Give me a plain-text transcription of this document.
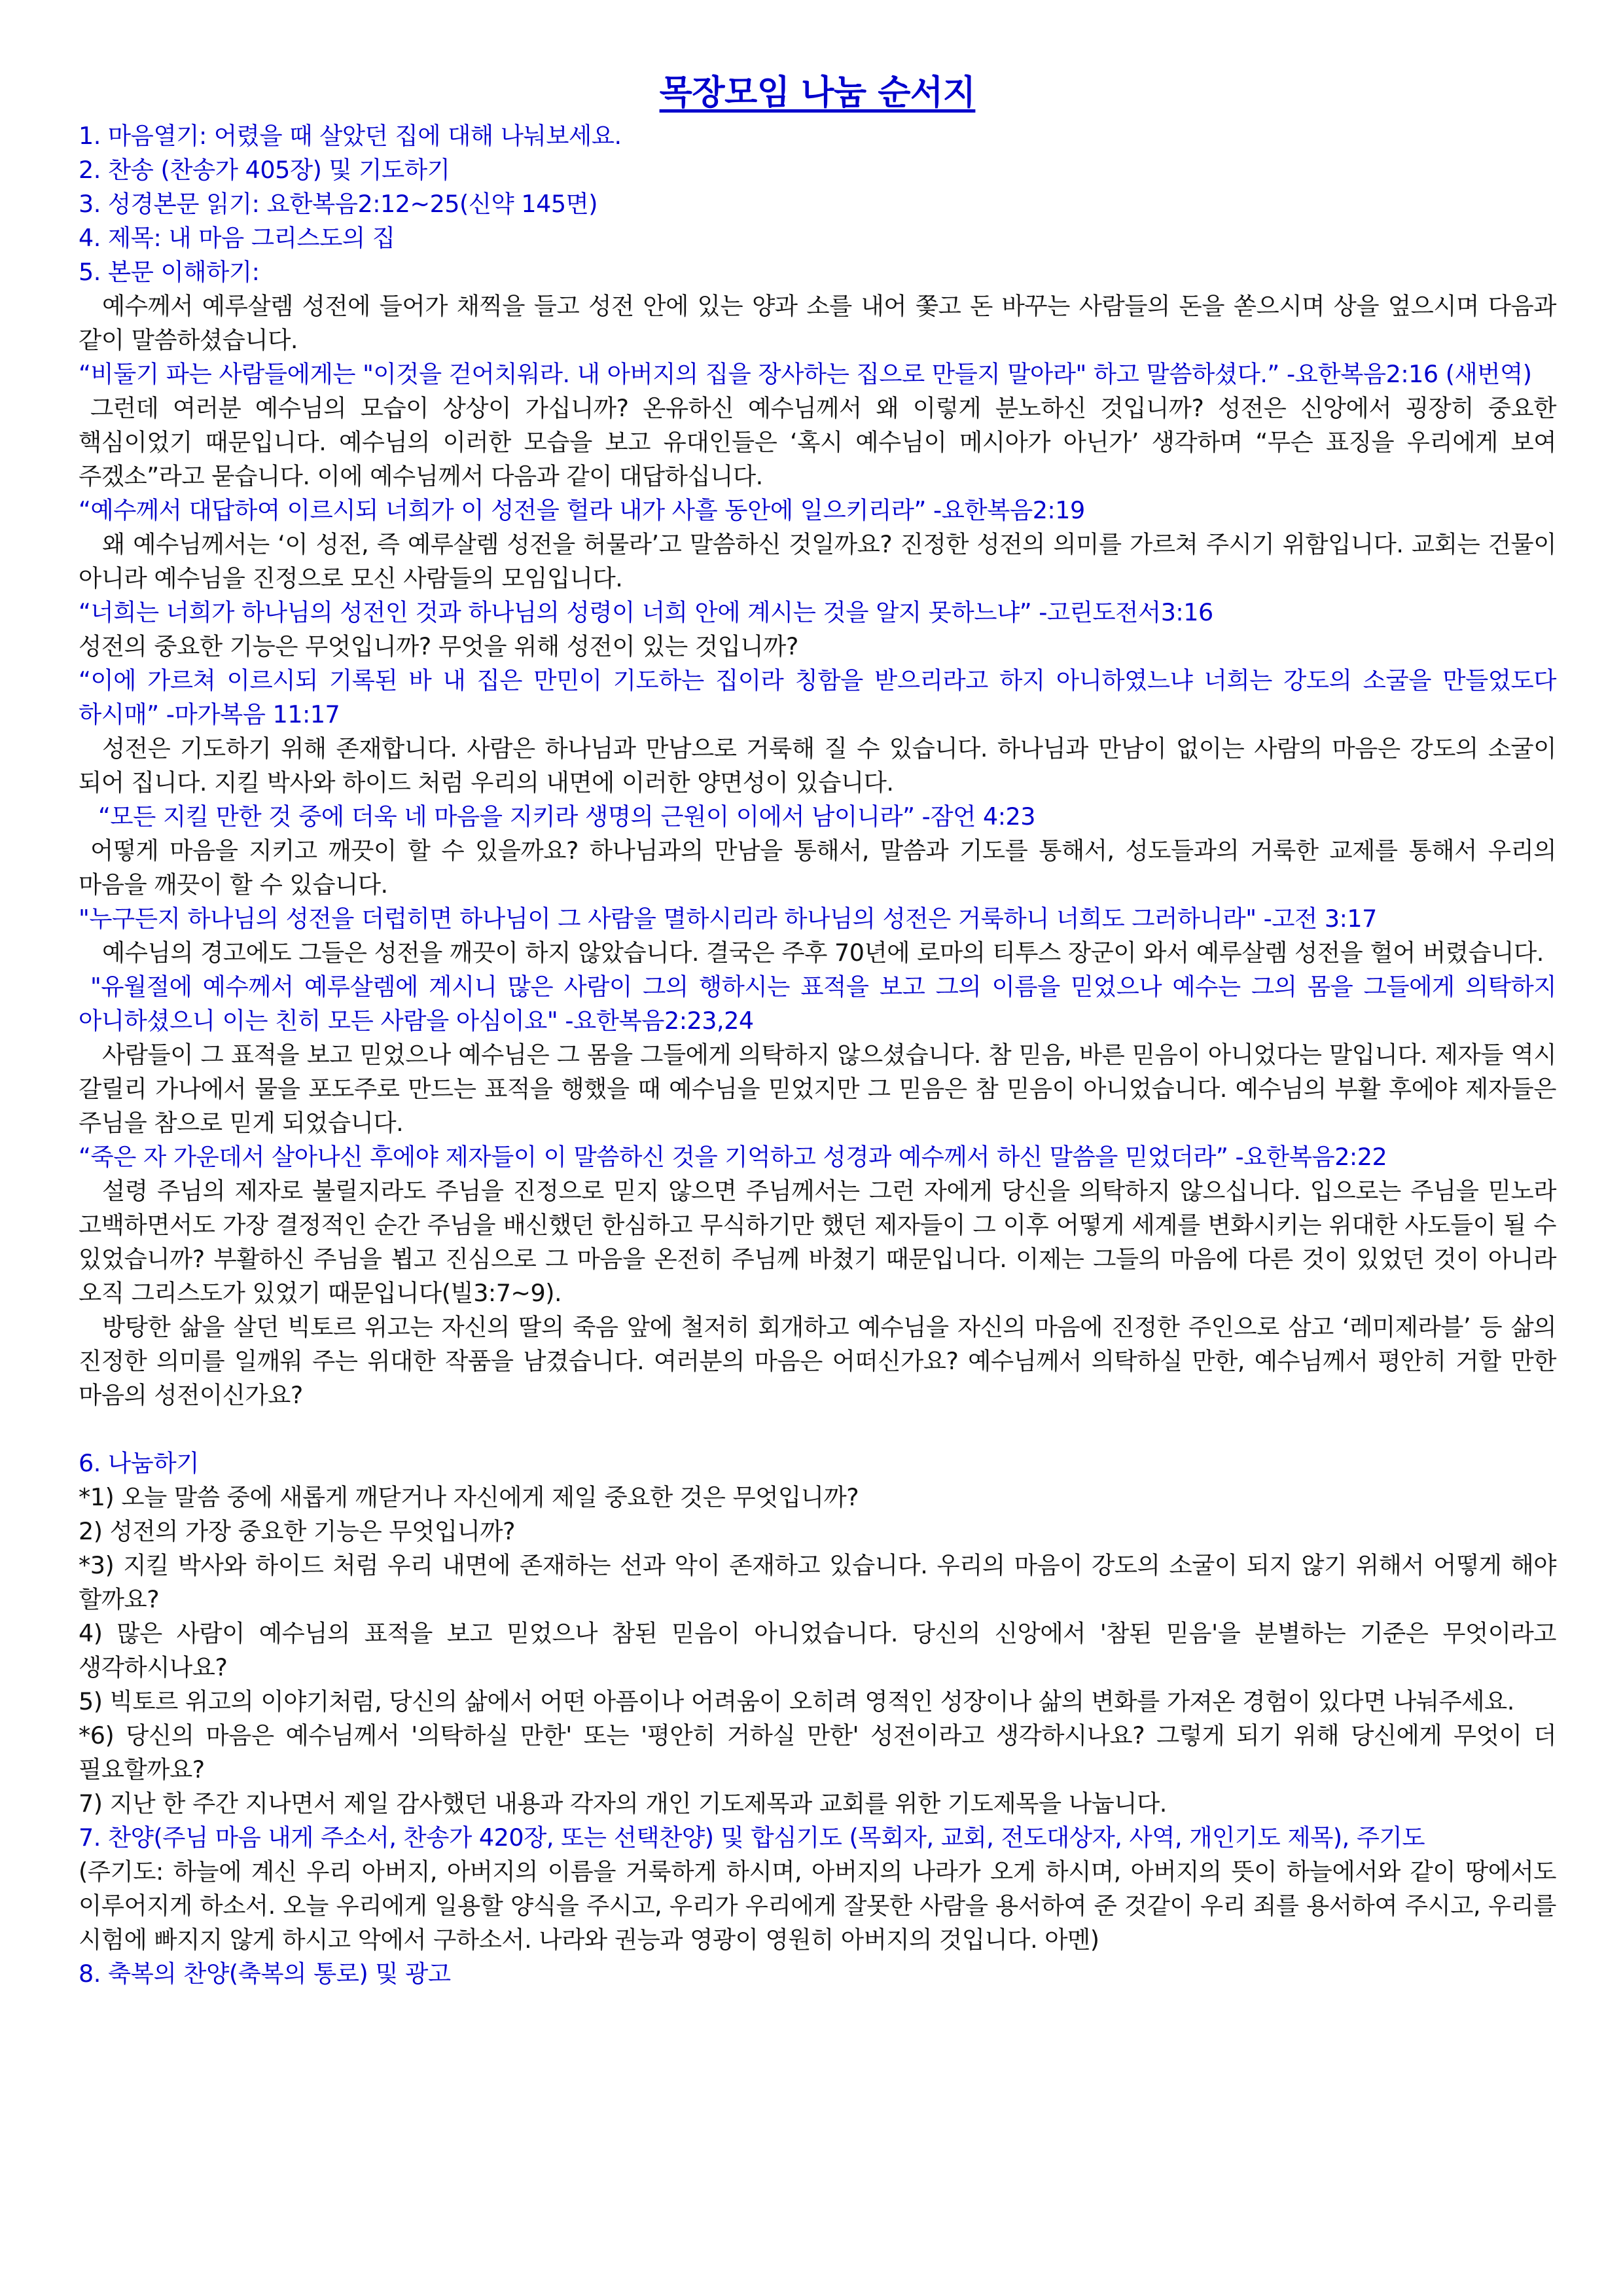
목장모임 나눔 순서지
1. 마음열기: 어렸을 때 살았던 집에 대해 나눠보세요.
2. 찬송 (찬송가 405장) 및 기도하기
3. 성경본문 읽기: 요한복음2:12~25(신약 145면)
4. 제목: 내 마음 그리스도의 집
5. 본문 이해하기:
예수께서 예루살렘 성전에 들어가 채찍을 들고 성전 안에 있는 양과 소를 내어 쫓고 돈 바꾸는 사람들의 돈을 쏟으시며 상을 엎으시며 다음과 같이 말씀하셨습니다.
“비둘기 파는 사람들에게는 "이것을 걷어치워라. 내 아버지의 집을 장사하는 집으로 만들지 말아라" 하고 말씀하셨다.” -요한복음2:16 (새번역)
그런데 여러분 예수님의 모습이 상상이 가십니까? 온유하신 예수님께서 왜 이렇게 분노하신 것입니까? 성전은 신앙에서 굉장히 중요한 핵심이었기 때문입니다. 예수님의 이러한 모습을 보고 유대인들은 ‘혹시 예수님이 메시아가 아닌가’ 생각하며 “무슨 표징을 우리에게 보여 주겠소”라고 묻습니다. 이에 예수님께서 다음과 같이 대답하십니다.
“예수께서 대답하여 이르시되 너희가 이 성전을 헐라 내가 사흘 동안에 일으키리라” -요한복음2:19
왜 예수님께서는 ‘이 성전, 즉 예루살렘 성전을 허물라’고 말씀하신 것일까요? 진정한 성전의 의미를 가르쳐 주시기 위함입니다. 교회는 건물이 아니라 예수님을 진정으로 모신 사람들의 모임입니다.
“너희는 너희가 하나님의 성전인 것과 하나님의 성령이 너희 안에 계시는 것을 알지 못하느냐” -고린도전서3:16
성전의 중요한 기능은 무엇입니까? 무엇을 위해 성전이 있는 것입니까?
“이에 가르쳐 이르시되 기록된 바 내 집은 만민이 기도하는 집이라 칭함을 받으리라고 하지 아니하였느냐 너희는 강도의 소굴을 만들었도다 하시매” -마가복음 11:17
성전은 기도하기 위해 존재합니다. 사람은 하나님과 만남으로 거룩해 질 수 있습니다. 하나님과 만남이 없이는 사람의 마음은 강도의 소굴이 되어 집니다. 지킬 박사와 하이드 처럼 우리의 내면에 이러한 양면성이 있습니다.
“모든 지킬 만한 것 중에 더욱 네 마음을 지키라 생명의 근원이 이에서 남이니라” -잠언 4:23
어떻게 마음을 지키고 깨끗이 할 수 있을까요? 하나님과의 만남을 통해서, 말씀과 기도를 통해서, 성도들과의 거룩한 교제를 통해서 우리의 마음을 깨끗이 할 수 있습니다.
"누구든지 하나님의 성전을 더럽히면 하나님이 그 사람을 멸하시리라 하나님의 성전은 거룩하니 너희도 그러하니라" -고전 3:17
예수님의 경고에도 그들은 성전을 깨끗이 하지 않았습니다. 결국은 주후 70년에 로마의 티투스 장군이 와서 예루살렘 성전을 헐어 버렸습니다.
"유월절에 예수께서 예루살렘에 계시니 많은 사람이 그의 행하시는 표적을 보고 그의 이름을 믿었으나 예수는 그의 몸을 그들에게 의탁하지 아니하셨으니 이는 친히 모든 사람을 아심이요" -요한복음2:23,24
사람들이 그 표적을 보고 믿었으나 예수님은 그 몸을 그들에게 의탁하지 않으셨습니다. 참 믿음, 바른 믿음이 아니었다는 말입니다. 제자들 역시 갈릴리 가나에서 물을 포도주로 만드는 표적을 행했을 때 예수님을 믿었지만 그 믿음은 참 믿음이 아니었습니다. 예수님의 부활 후에야 제자들은 주님을 참으로 믿게 되었습니다.
“죽은 자 가운데서 살아나신 후에야 제자들이 이 말씀하신 것을 기억하고 성경과 예수께서 하신 말씀을 믿었더라” -요한복음2:22
설령 주님의 제자로 불릴지라도 주님을 진정으로 믿지 않으면 주님께서는 그런 자에게 당신을 의탁하지 않으십니다. 입으로는 주님을 믿노라 고백하면서도 가장 결정적인 순간 주님을 배신했던 한심하고 무식하기만 했던 제자들이 그 이후 어떻게 세계를 변화시키는 위대한 사도들이 될 수 있었습니까? 부활하신 주님을 뵙고 진심으로 그 마음을 온전히 주님께 바쳤기 때문입니다. 이제는 그들의 마음에 다른 것이 있었던 것이 아니라 오직 그리스도가 있었기 때문입니다(빌3:7~9).
방탕한 삶을 살던 빅토르 위고는 자신의 딸의 죽음 앞에 철저히 회개하고 예수님을 자신의 마음에 진정한 주인으로 삼고 ‘레미제라블’ 등 삶의 진정한 의미를 일깨워 주는 위대한 작품을 남겼습니다. 여러분의 마음은 어떠신가요? 예수님께서 의탁하실 만한, 예수님께서 평안히 거할 만한 마음의 성전이신가요?
6. 나눔하기
*1) 오늘 말씀 중에 새롭게 깨닫거나 자신에게 제일 중요한 것은 무엇입니까?
2) 성전의 가장 중요한 기능은 무엇입니까?
*3) 지킬 박사와 하이드 처럼 우리 내면에 존재하는 선과 악이 존재하고 있습니다. 우리의 마음이 강도의 소굴이 되지 않기 위해서 어떻게 해야 할까요?
4) 많은 사람이 예수님의 표적을 보고 믿었으나 참된 믿음이 아니었습니다. 당신의 신앙에서 '참된 믿음'을 분별하는 기준은 무엇이라고 생각하시나요?
5) 빅토르 위고의 이야기처럼, 당신의 삶에서 어떤 아픔이나 어려움이 오히려 영적인 성장이나 삶의 변화를 가져온 경험이 있다면 나눠주세요.
*6) 당신의 마음은 예수님께서 '의탁하실 만한' 또는 '평안히 거하실 만한' 성전이라고 생각하시나요? 그렇게 되기 위해 당신에게 무엇이 더 필요할까요?
7) 지난 한 주간 지나면서 제일 감사했던 내용과 각자의 개인 기도제목과 교회를 위한 기도제목을 나눕니다.
7. 찬양(주님 마음 내게 주소서, 찬송가 420장, 또는 선택찬양) 및 합심기도 (목회자, 교회, 전도대상자, 사역, 개인기도 제목), 주기도
(주기도: 하늘에 계신 우리 아버지, 아버지의 이름을 거룩하게 하시며, 아버지의 나라가 오게 하시며, 아버지의 뜻이 하늘에서와 같이 땅에서도 이루어지게 하소서. 오늘 우리에게 일용할 양식을 주시고, 우리가 우리에게 잘못한 사람을 용서하여 준 것같이 우리 죄를 용서하여 주시고, 우리를 시험에 빠지지 않게 하시고 악에서 구하소서. 나라와 권능과 영광이 영원히 아버지의 것입니다. 아멘)
8. 축복의 찬양(축복의 통로) 및 광고
